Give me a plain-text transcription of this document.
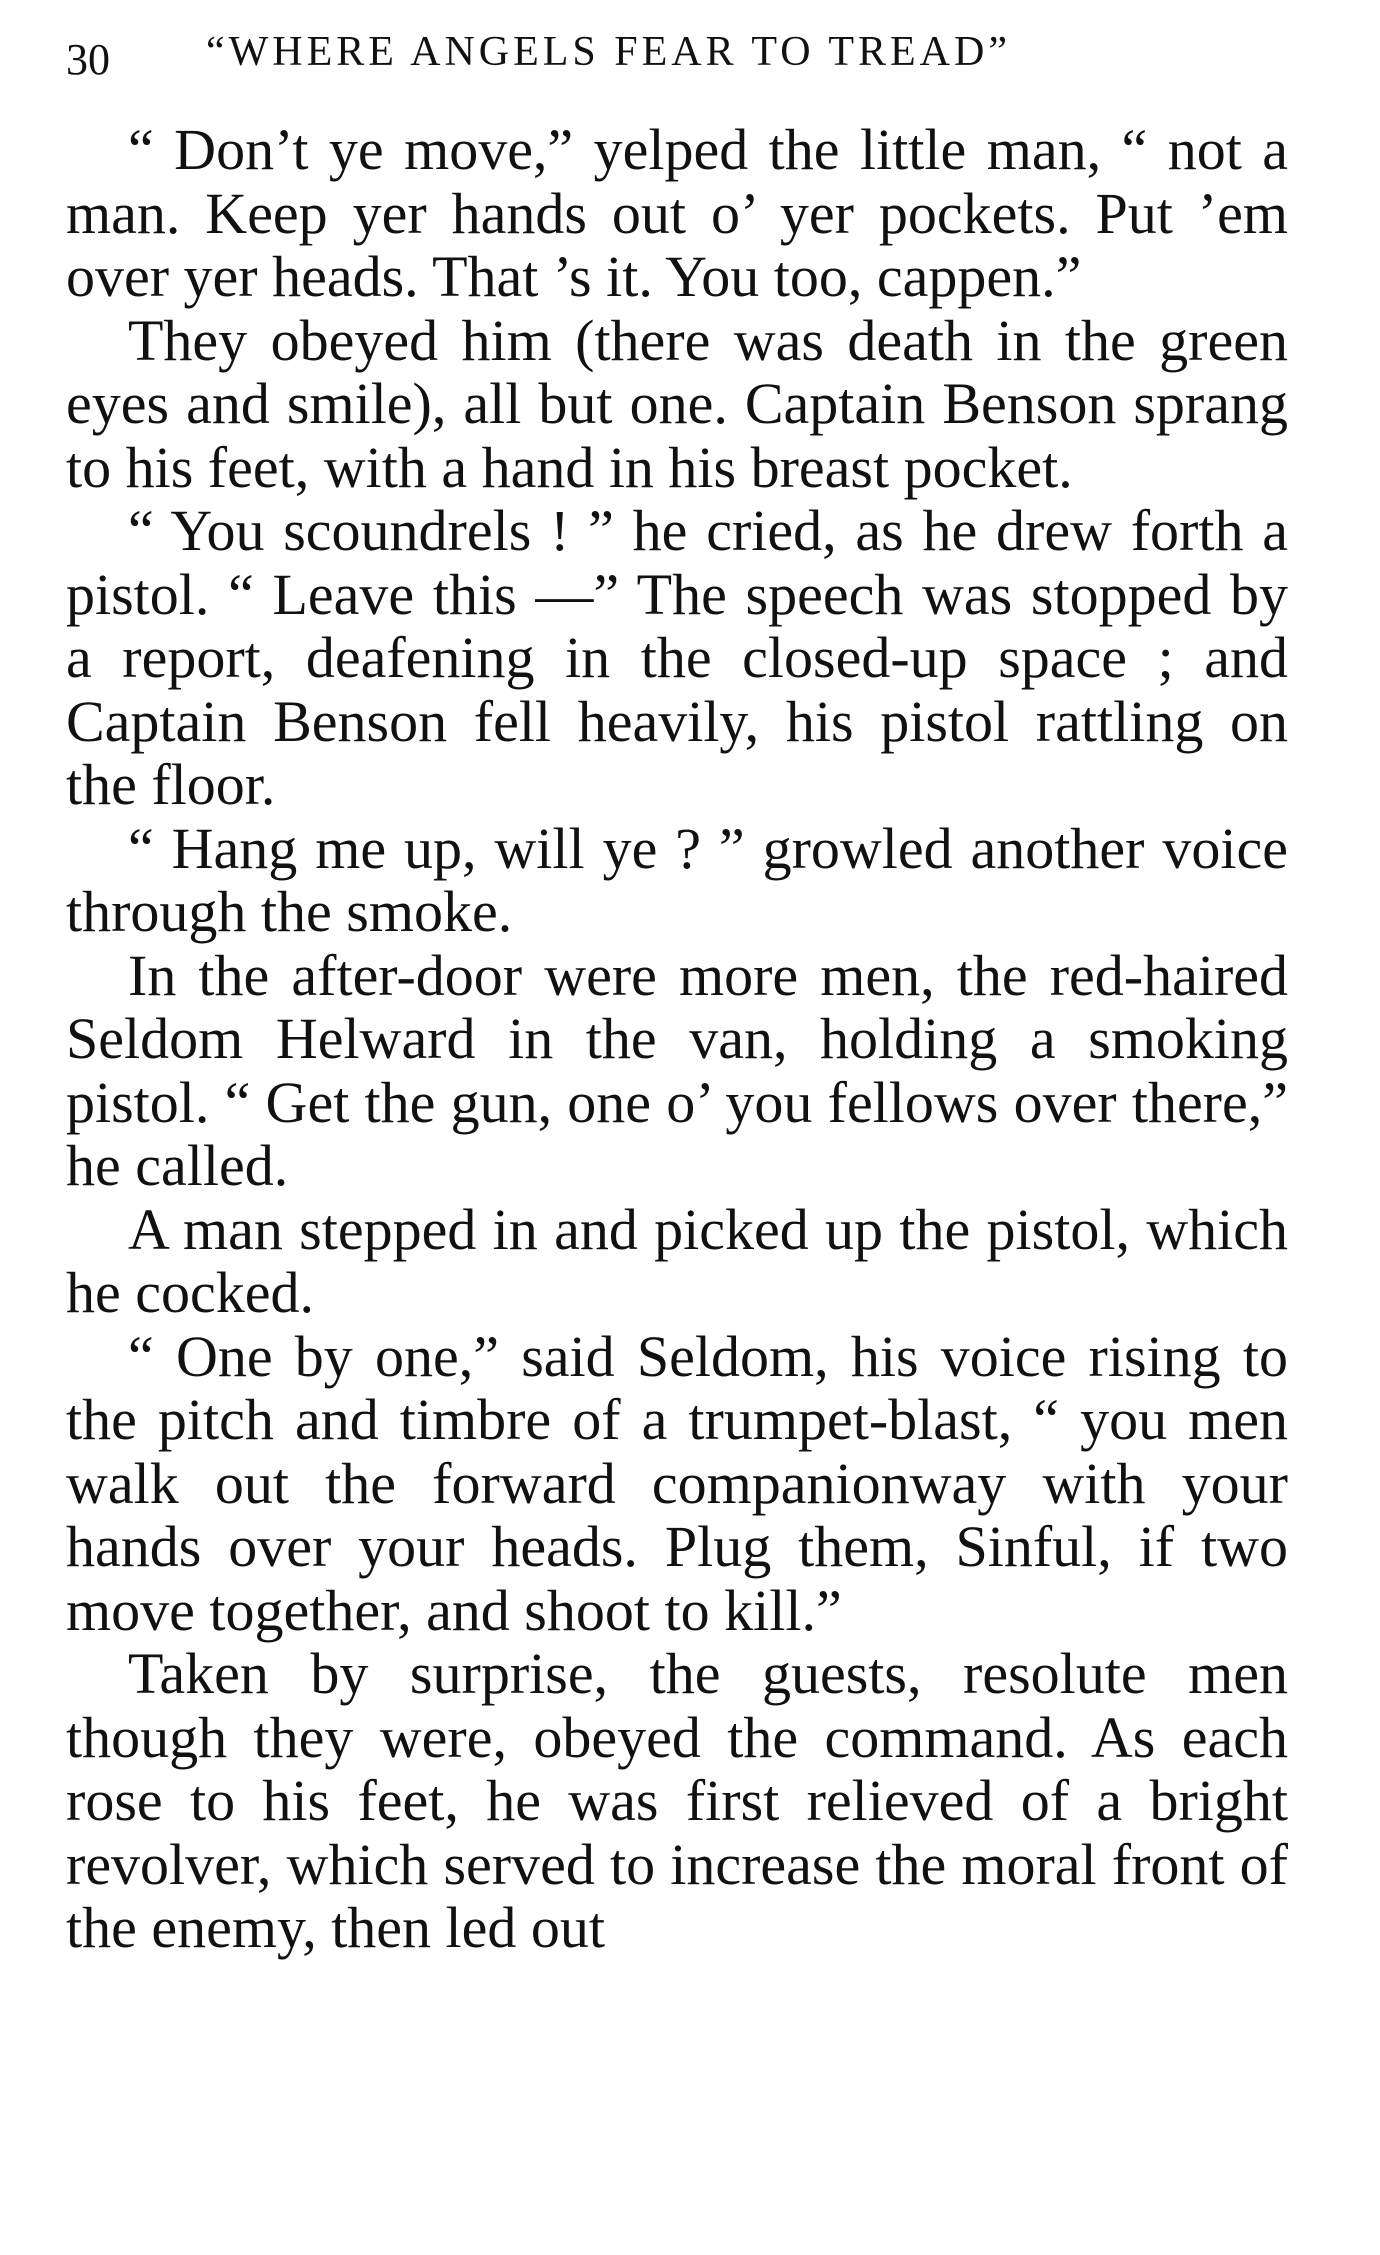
30 “WHERE ANGELS FEAR TO TREAD”

“ Don’t ye move,” yelped the little man, “ not a man. Keep yer hands out o’ yer pockets. Put ’em over yer heads. That ’s it. You too, cappen.”

They obeyed him (there was death in the green eyes and smile), all but one. Captain Benson sprang to his feet, with a hand in his breast pocket.

“ You scoundrels ! ” he cried, as he drew forth a pistol. “ Leave this —” The speech was stopped by a report, deafening in the closed-up space ; and Captain Benson fell heavily, his pistol rattling on the floor.

“ Hang me up, will ye ? ” growled another voice through the smoke.

In the after-door were more men, the red-haired Seldom Helward in the van, holding a smoking pistol. “ Get the gun, one o’ you fellows over there,” he called.

A man stepped in and picked up the pistol, which he cocked.

“ One by one,” said Seldom, his voice rising to the pitch and timbre of a trumpet-blast, “ you men walk out the forward companionway with your hands over your heads. Plug them, Sinful, if two move together, and shoot to kill.”

Taken by surprise, the guests, resolute men though they were, obeyed the command. As each rose to his feet, he was first relieved of a bright revolver, which served to increase the moral front of the enemy, then led out
